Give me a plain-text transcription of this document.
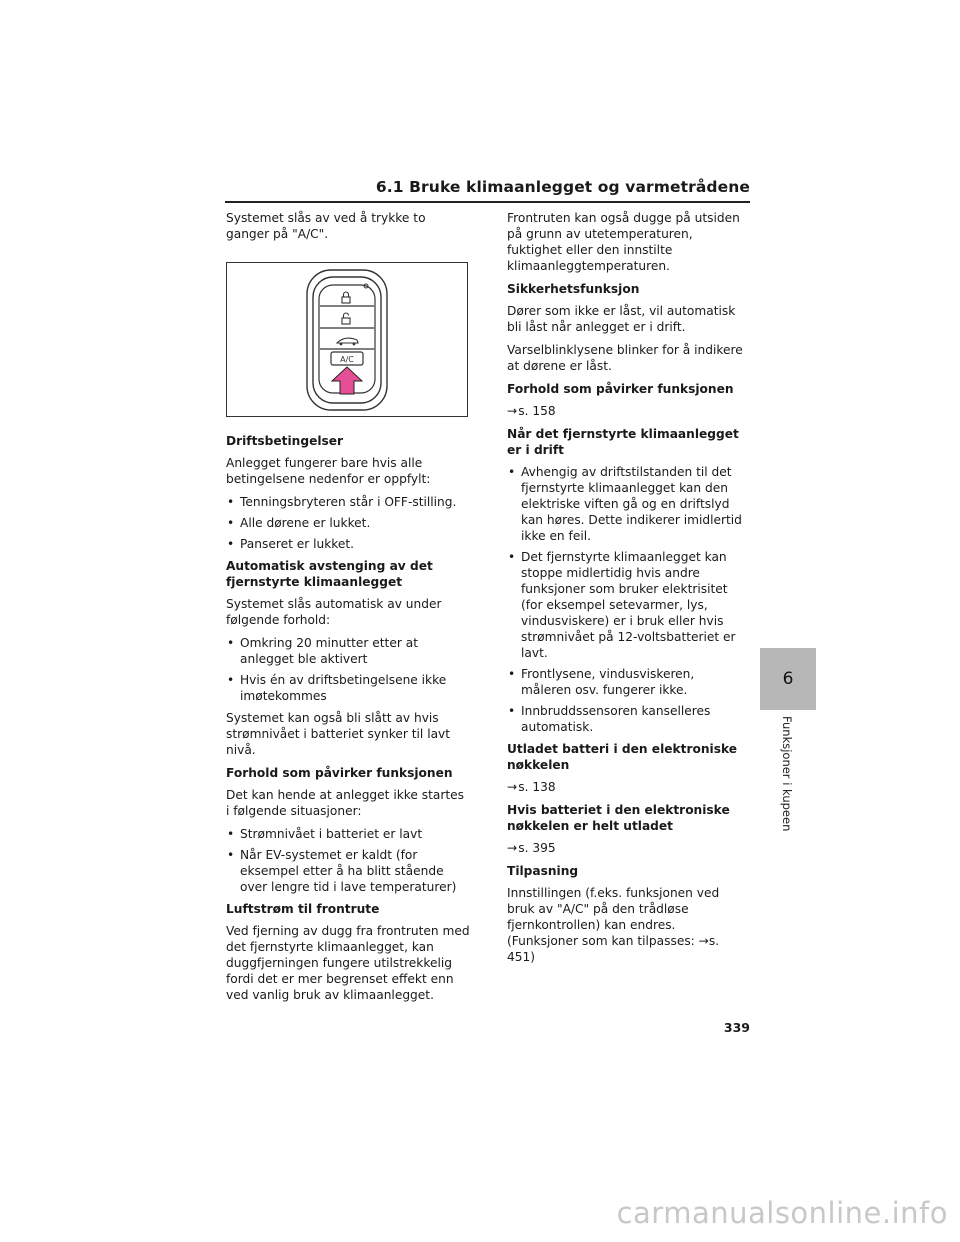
6.1 Bruke klimaanlegget og varmetrådene

Systemet slås av ved å trykke to ganger på "A/C".

A/C

Driftsbetingelser

Anlegget fungerer bare hvis alle betingelsene nedenfor er oppfylt:

• Tenningsbryteren står i OFF-stilling.
• Alle dørene er lukket.
• Panseret er lukket.

Automatisk avstenging av det fjernstyrte klimaanlegget

Systemet slås automatisk av under følgende forhold:

• Omkring 20 minutter etter at anlegget ble aktivert
• Hvis én av driftsbetingelsene ikke imøtekommes

Systemet kan også bli slått av hvis strømnivået i batteriet synker til lavt nivå.

Forhold som påvirker funksjonen

Det kan hende at anlegget ikke startes i følgende situasjoner:

• Strømnivået i batteriet er lavt
• Når EV-systemet er kaldt (for eksempel etter å ha blitt stående over lengre tid i lave temperaturer)

Luftstrøm til frontrute

Ved fjerning av dugg fra frontruten med det fjernstyrte klimaanlegget, kan duggfjerningen fungere utilstrekkelig fordi det er mer begrenset effekt enn ved vanlig bruk av klimaanlegget.

Frontruten kan også dugge på utsiden på grunn av utetemperaturen, fuktighet eller den innstilte klimaanleggtemperaturen.

Sikkerhetsfunksjon

Dører som ikke er låst, vil automatisk bli låst når anlegget er i drift.

Varselblinklysene blinker for å indikere at dørene er låst.

Forhold som påvirker funksjonen

→s. 158

Når det fjernstyrte klimaanlegget er i drift

• Avhengig av driftstilstanden til det fjernstyrte klimaanlegget kan den elektriske viften gå og en driftslyd kan høres. Dette indikerer imidlertid ikke en feil.
• Det fjernstyrte klimaanlegget kan stoppe midlertidig hvis andre funksjoner som bruker elektrisitet (for eksempel setevarmer, lys, vindusviskere) er i bruk eller hvis strømnivået på 12-voltsbatteriet er lavt.
• Frontlysene, vindusviskeren, måleren osv. fungerer ikke.
• Innbruddssensoren kanselleres automatisk.

Utladet batteri i den elektroniske nøkkelen

→s. 138

Hvis batteriet i den elektroniske nøkkelen er helt utladet

→s. 395

Tilpasning

Innstillingen (f.eks. funksjonen ved bruk av "A/C" på den trådløse fjernkontrollen) kan endres. (Funksjoner som kan tilpasses: →s. 451)

6
Funksjoner i kupeen
339
carmanualsonline.info
